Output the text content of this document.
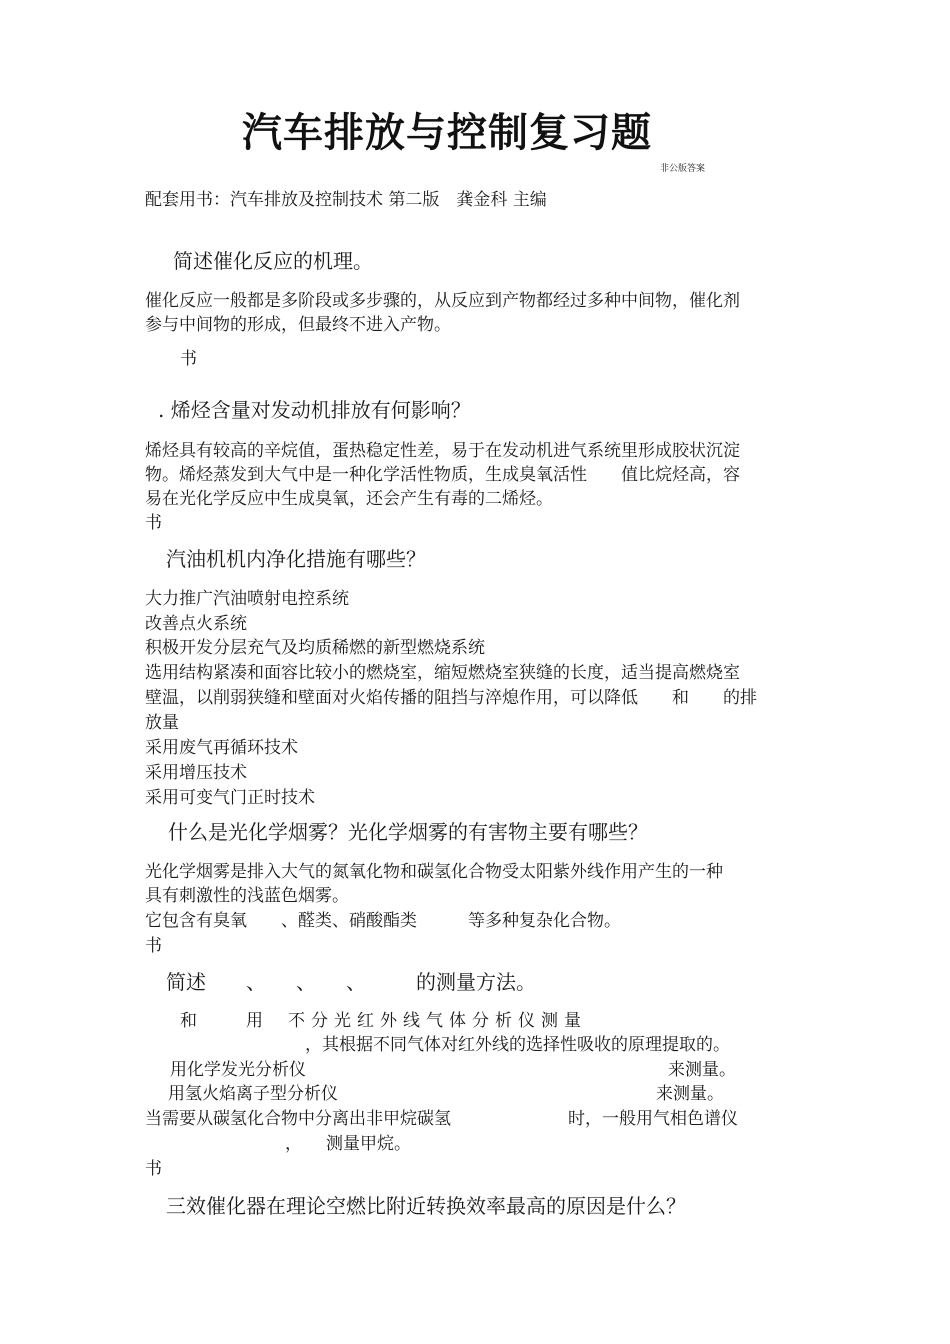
汽车排放与控制复习题
非公版答案
配套用书：汽车排放及控制技术 第二版　龚金科 主编
简述催化反应的机理。
催化反应一般都是多阶段或多步骤的，从反应到产物都经过多种中间物，催化剂
参与中间物的形成，但最终不进入产物。
书
. 烯烃含量对发动机排放有何影响？
烯烃具有较高的辛烷值，蛋热稳定性差，易于在发动机进气系统里形成胶状沉淀
物。烯烃蒸发到大气中是一种化学活性物质，生成臭氧活性　　值比烷烃高，容
易在光化学反应中生成臭氧，还会产生有毒的二烯烃。
书
汽油机机内净化措施有哪些？
大力推广汽油喷射电控系统
改善点火系统
积极开发分层充气及均质稀燃的新型燃烧系统
选用结构紧凑和面容比较小的燃烧室，缩短燃烧室狭缝的长度，适当提高燃烧室
壁温，以削弱狭缝和壁面对火焰传播的阻挡与淬熄作用，可以降低　　和　　的排
放量
采用废气再循环技术
采用增压技术
采用可变气门正时技术
什么是光化学烟雾？光化学烟雾的有害物主要有哪些？
光化学烟雾是排入大气的氮氧化物和碳氢化合物受太阳紫外线作用产生的一种
具有刺激性的浅蓝色烟雾。
它包含有臭氧　　、醛类、硝酸酯类　　　等多种复杂化合物。
书
简述　　、　　、　　、　　　的测量方法。
和	用 不分光红外线气体分析仪测量
，其根据不同气体对红外线的选择性吸收的原理提取的。
用化学发光分析仪	来测量。
用氢火焰离子型分析仪	来测量。
当需要从碳氢化合物中分离出非甲烷碳氢	时，一般用气相色谱仪
， 测量甲烷。
书
三效催化器在理论空燃比附近转换效率最高的原因是什么？
